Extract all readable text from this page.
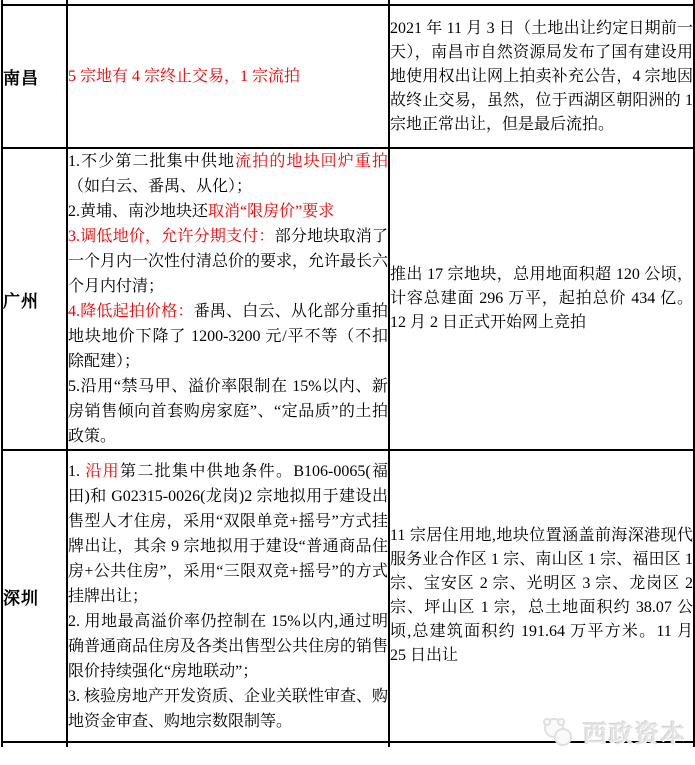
南昌	5 宗地有 4 宗终止交易，1 宗流拍	2021 年 11 月 3 日（土地出让约定日期前一天），南昌市自然资源局发布了国有建设用地使用权出让网上拍卖补充公告，4 宗地因故终止交易，虽然，位于西湖区朝阳洲的 1 宗地正常出让，但是最后流拍。

广州	1.不少第二批集中供地流拍的地块回炉重拍（如白云、番禺、从化）；

2.黄埔、南沙地块还取消“限房价”要求

3.调低地价，允许分期支付：部分地块取消了一个月内一次性付清总价的要求，允许最长六个月内付清；

4.降低起拍价格：番禺、白云、从化部分重拍地块地价下降了 1200-3200 元/平不等（不扣除配建）；

5.沿用“禁马甲、溢价率限制在 15%以内、新房销售倾向首套购房家庭”、“定品质”的土拍政策。	推出 17 宗地块，总用地面积超 120 公顷，计容总建面 296 万平，起拍总价 434 亿。12 月 2 日正式开始网上竞拍

深圳	1. 沿用第二批集中供地条件。B106-0065(福田)和 G02315-0026(龙岗)2 宗地拟用于建设出售型人才住房，采用“双限单竞+摇号”方式挂牌出让，其余 9 宗地拟用于建设“普通商品住房+公共住房”，采用“三限双竞+摇号”的方式挂牌出让；

2. 用地最高溢价率仍控制在 15%以内,通过明确普通商品住房及各类出售型公共住房的销售限价持续强化“房地联动”；

3. 核验房地产开发资质、企业关联性审查、购地资金审查、购地宗数限制等。	11 宗居住用地,地块位置涵盖前海深港现代服务业合作区 1 宗、南山区 1 宗、福田区 1 宗、宝安区 2 宗、光明区 3 宗、龙岗区 2 宗、坪山区 1 宗，总土地面积约 38.07 公顷,总建筑面积约 191.64 万平方米。11 月 25 日出让

西政资本
